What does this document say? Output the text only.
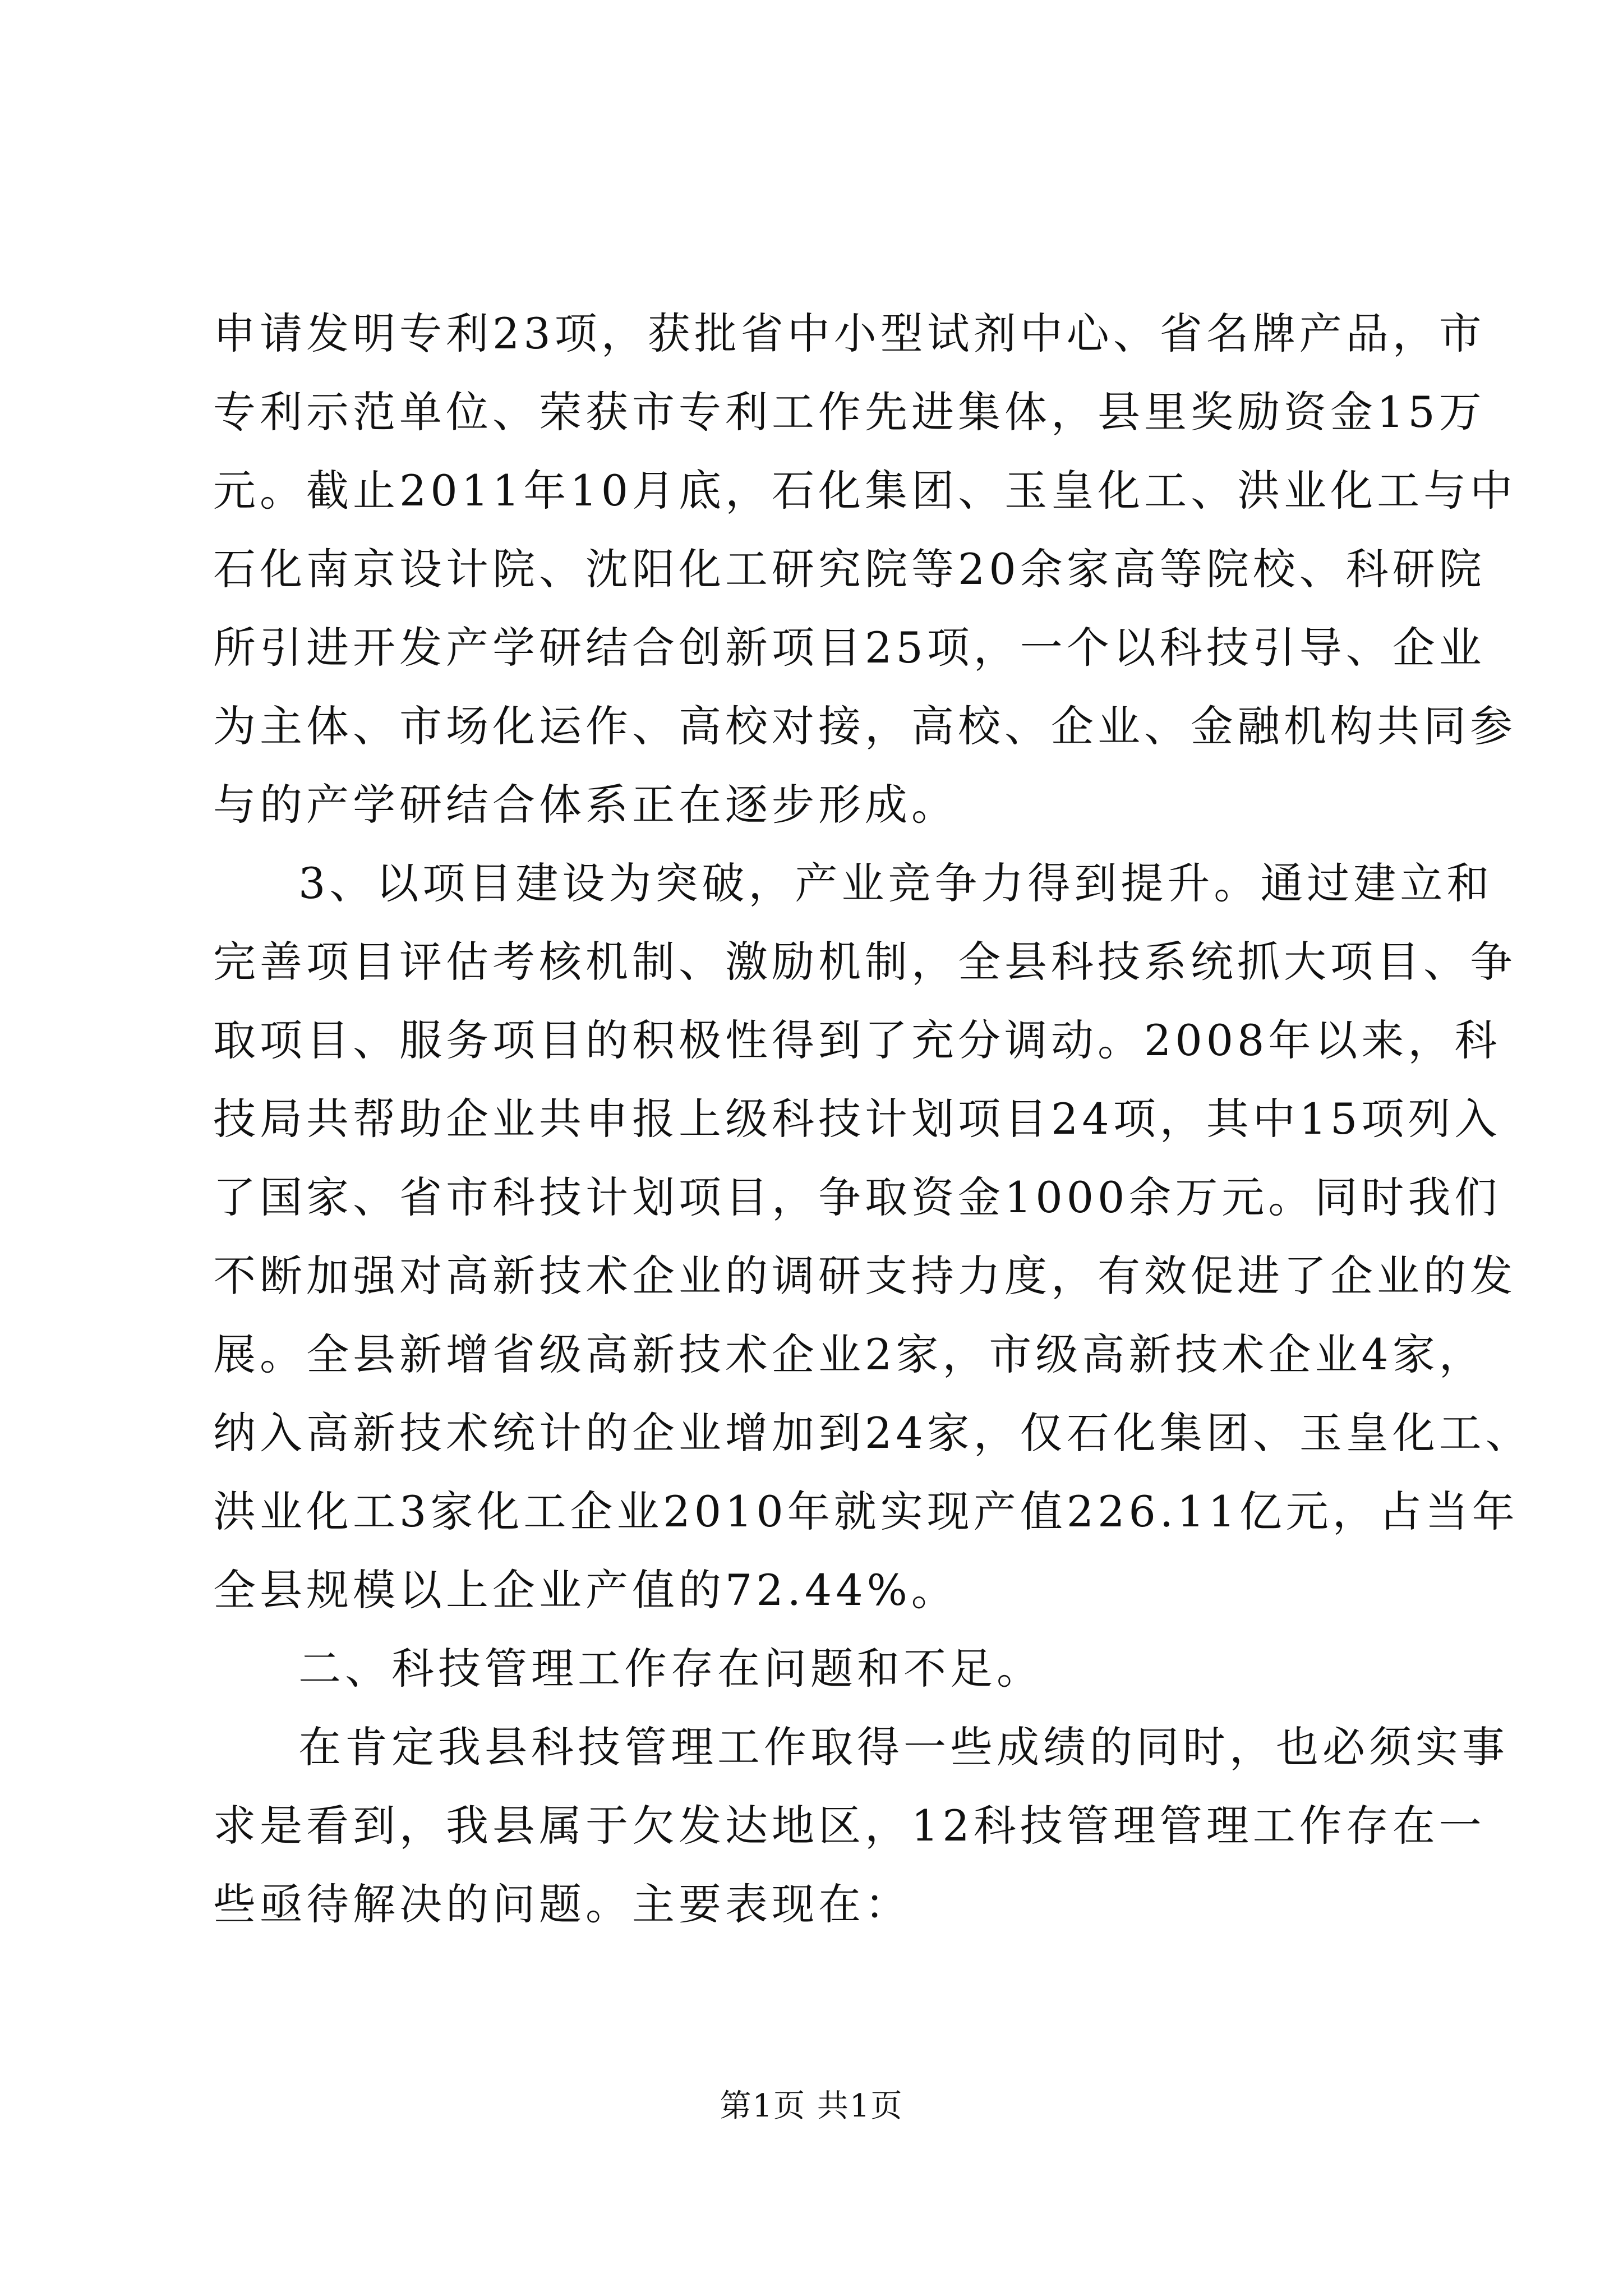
申请发明专利23项，获批省中小型试剂中心、省名牌产品，市
专利示范单位、荣获市专利工作先进集体，县里奖励资金15万
元。截止2011年10月底，石化集团、玉皇化工、洪业化工与中
石化南京设计院、沈阳化工研究院等20余家高等院校、科研院
所引进开发产学研结合创新项目25项，一个以科技引导、企业
为主体、市场化运作、高校对接，高校、企业、金融机构共同参
与的产学研结合体系正在逐步形成。
3、以项目建设为突破，产业竞争力得到提升。通过建立和
完善项目评估考核机制、激励机制，全县科技系统抓大项目、争
取项目、服务项目的积极性得到了充分调动。2008年以来，科
技局共帮助企业共申报上级科技计划项目24项，其中15项列入
了国家、省市科技计划项目，争取资金1000余万元。同时我们
不断加强对高新技术企业的调研支持力度，有效促进了企业的发
展。全县新增省级高新技术企业2家，市级高新技术企业4家，
纳入高新技术统计的企业增加到24家，仅石化集团、玉皇化工、
洪业化工3家化工企业2010年就实现产值226.11亿元，占当年
全县规模以上企业产值的72.44%。
二、科技管理工作存在问题和不足。
在肯定我县科技管理工作取得一些成绩的同时，也必须实事
求是看到，我县属于欠发达地区，12科技管理管理工作存在一
些亟待解决的问题。主要表现在：
第1页 共1页
